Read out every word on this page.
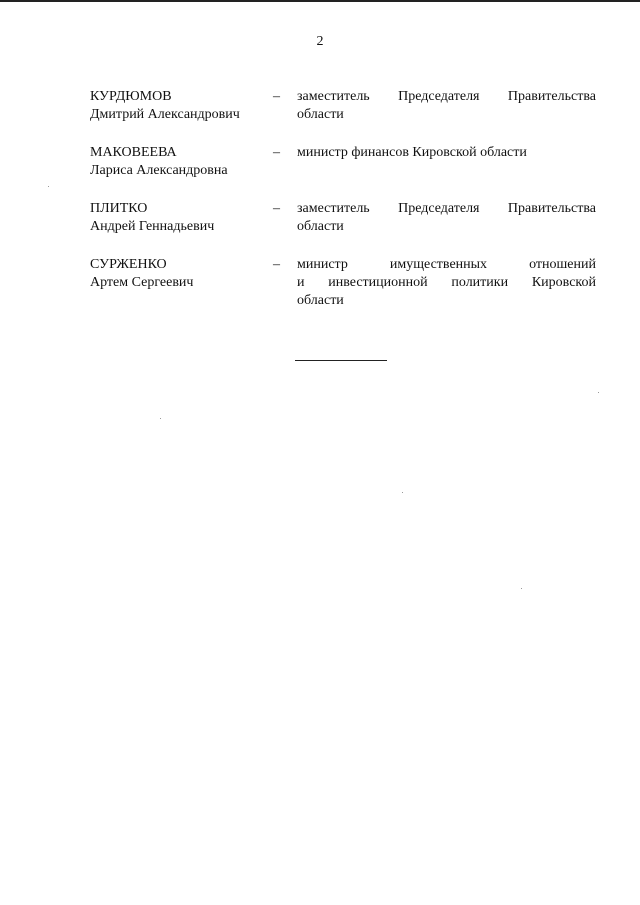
2
КУРДЮМОВ
Дмитрий Александрович
–	заместитель Председателя Правительства
области
МАКОВЕЕВА
Лариса Александровна
–	министр финансов Кировской области
ПЛИТКО
Андрей Геннадьевич
–	заместитель Председателя Правительства
области
СУРЖЕНКО
Артем Сергеевич
–	министр имущественных отношений
и инвестиционной политики Кировской
области
